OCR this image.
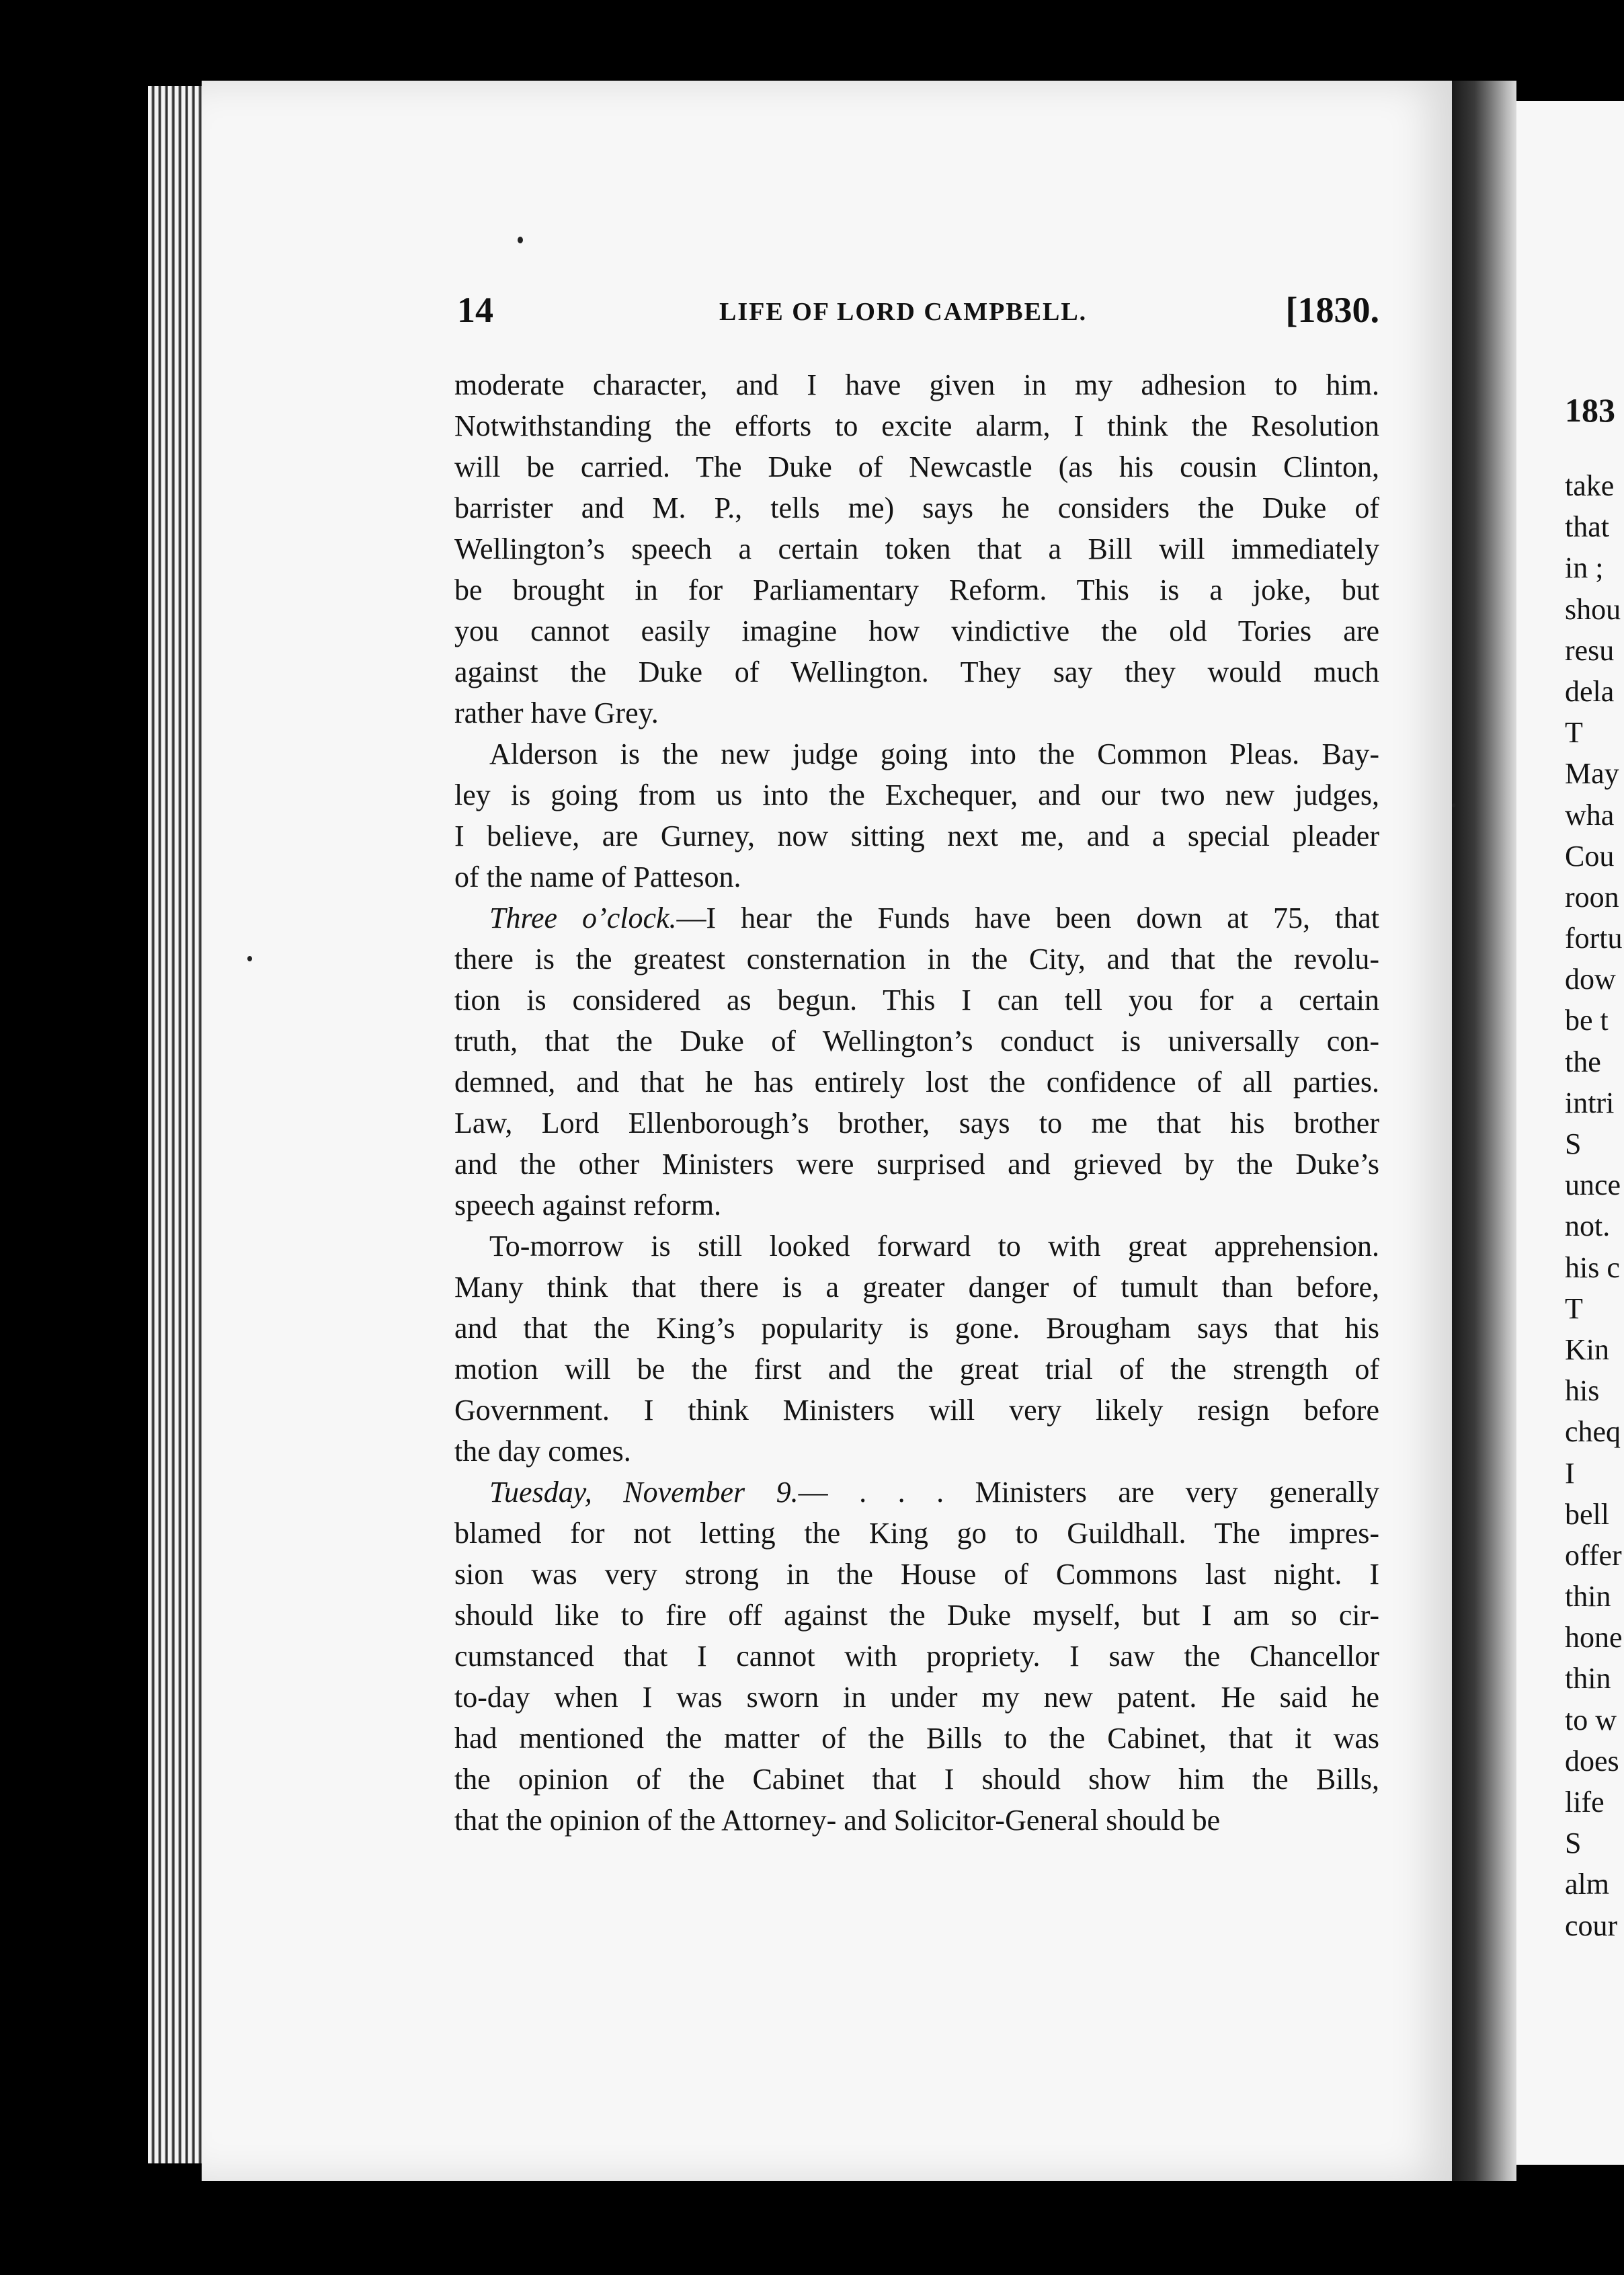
183
take
that
in ;
shou
resu
dela
T
May
wha
Cou
roon
fortu
dow
be t
the
intri
S
unce
not.
his c
T
Kin
his
cheq
I
bell
offer
thin
hone
thin
to w
does
life
S
alm
cour
14	LIFE OF LORD CAMPBELL.	[1830.

moderate character, and I have given in my adhesion to him.

Notwithstanding the efforts to excite alarm, I think the Resolution

will be carried. The Duke of Newcastle (as his cousin Clinton,

barrister and M. P., tells me) says he considers the Duke of

Wellington’s speech a certain token that a Bill will immediately

be brought in for Parliamentary Reform. This is a joke, but

you cannot easily imagine how vindictive the old Tories are

against the Duke of Wellington. They say they would much

rather have Grey.

Alderson is the new judge going into the Common Pleas. Bay-

ley is going from us into the Exchequer, and our two new judges,

I believe, are Gurney, now sitting next me, and a special pleader

of the name of Patteson.

Three o’clock.—I hear the Funds have been down at 75, that

there is the greatest consternation in the City, and that the revolu-

tion is considered as begun. This I can tell you for a certain

truth, that the Duke of Wellington’s conduct is universally con-

demned, and that he has entirely lost the confidence of all parties.

Law, Lord Ellenborough’s brother, says to me that his brother

and the other Ministers were surprised and grieved by the Duke’s

speech against reform.

To-morrow is still looked forward to with great apprehension.

Many think that there is a greater danger of tumult than before,

and that the King’s popularity is gone. Brougham says that his

motion will be the first and the great trial of the strength of

Government. I think Ministers will very likely resign before

the day comes.

Tuesday, November 9.— . . . Ministers are very generally

blamed for not letting the King go to Guildhall. The impres-

sion was very strong in the House of Commons last night. I

should like to fire off against the Duke myself, but I am so cir-

cumstanced that I cannot with propriety. I saw the Chancellor

to-day when I was sworn in under my new patent. He said he

had mentioned the matter of the Bills to the Cabinet, that it was

the opinion of the Cabinet that I should show him the Bills,

that the opinion of the Attorney- and Solicitor-General should be
